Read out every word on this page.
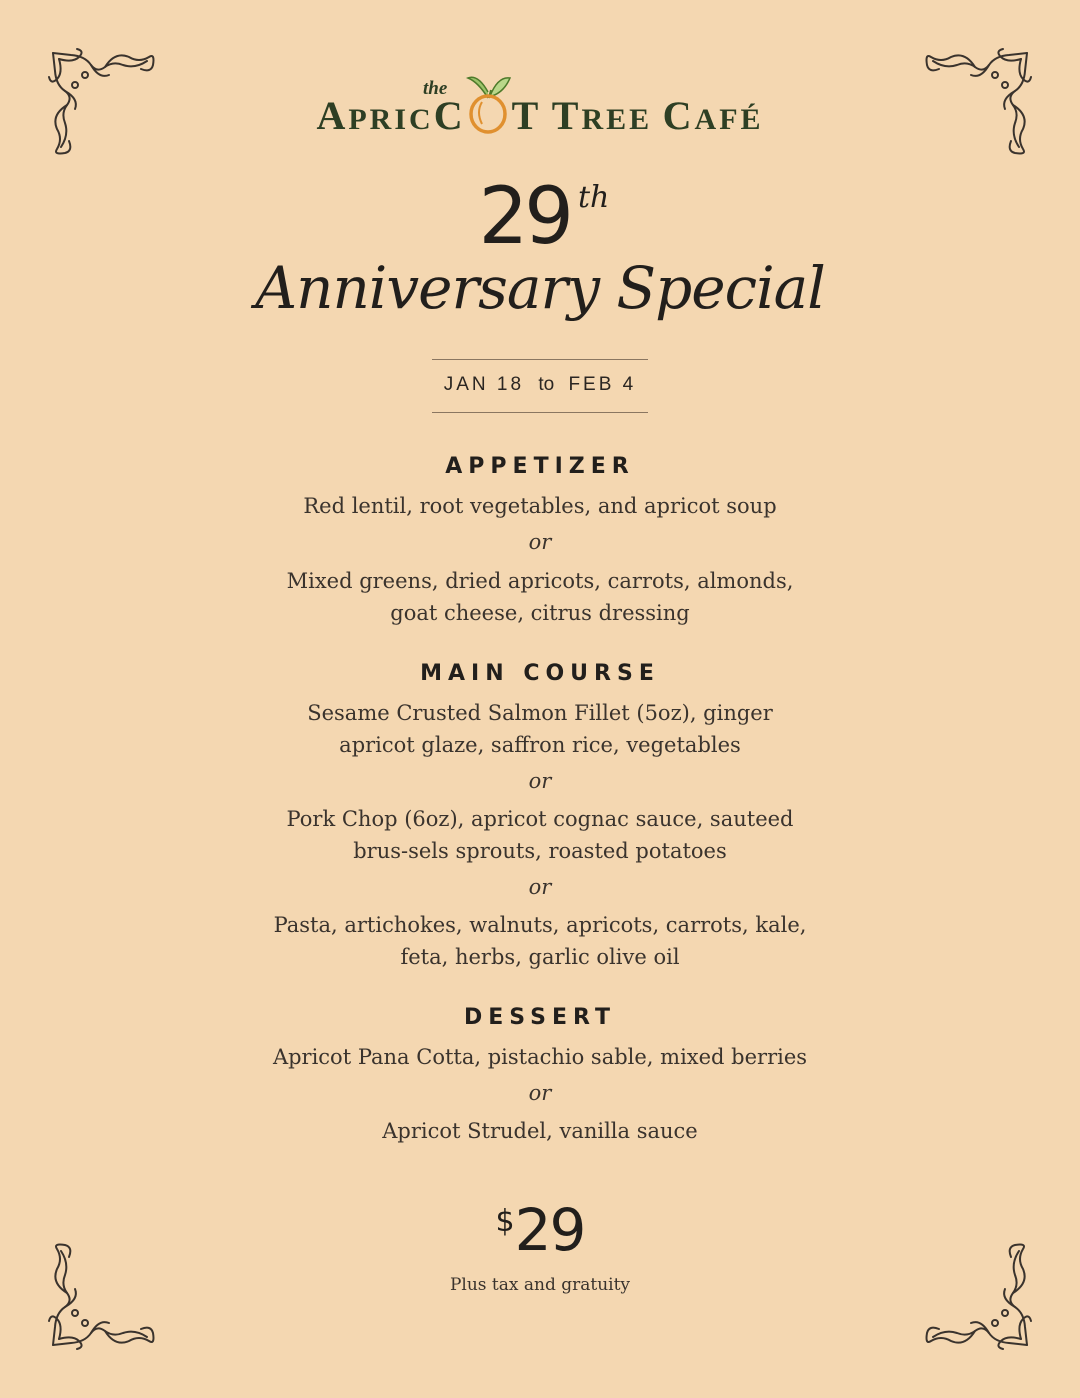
the
APRICC T TREE CAFÉ
29 $^{th}$
Anniversary Special
JAN 18 to FEB 4
APPETIZER
Red lentil, root vegetables, and apricot soup
or
Mixed greens, dried apricots, carrots, almonds, goat cheese, citrus dressing
MAIN COURSE
Sesame Crusted Salmon Fillet (5oz), ginger apricot glaze, saffron rice, vegetables
or
Pork Chop (6oz), apricot cognac sauce, sauteed brus-sels sprouts, roasted potatoes
or
Pasta, artichokes, walnuts, apricots, carrots, kale, feta, herbs, garlic olive oil
DESSERT
Apricot Pana Cotta, pistachio sable, mixed berries
or
Apricot Strudel, vanilla sauce
$29
Plus tax and gratuity
